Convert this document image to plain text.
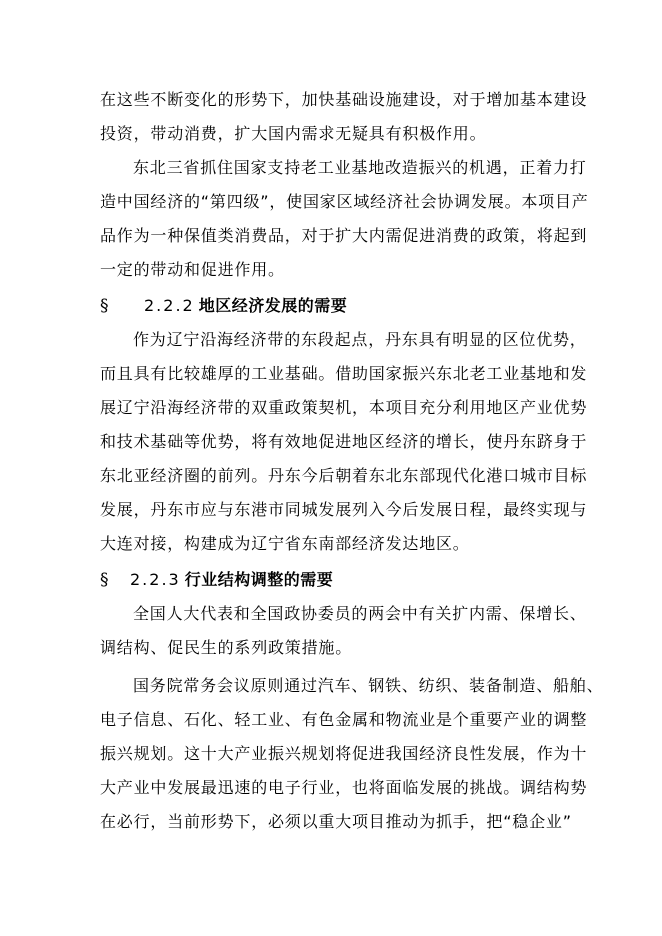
在这些不断变化的形势下，加快基础设施建设，对于增加基本建设
投资，带动消费，扩大国内需求无疑具有积极作用。
东北三省抓住国家支持老工业基地改造振兴的机遇，正着力打
造中国经济的“第四级”，使国家区域经济社会协调发展。本项目产
品作为一种保值类消费品，对于扩大内需促进消费的政策，将起到
一定的带动和促进作用。
§ 2.2.2 地区经济发展的需要
作为辽宁沿海经济带的东段起点，丹东具有明显的区位优势，
而且具有比较雄厚的工业基础。借助国家振兴东北老工业基地和发
展辽宁沿海经济带的双重政策契机，本项目充分利用地区产业优势
和技术基础等优势，将有效地促进地区经济的增长，使丹东跻身于
东北亚经济圈的前列。丹东今后朝着东北东部现代化港口城市目标
发展，丹东市应与东港市同城发展列入今后发展日程，最终实现与
大连对接，构建成为辽宁省东南部经济发达地区。
§ 2.2.3 行业结构调整的需要
全国人大代表和全国政协委员的两会中有关扩内需、保增长、
调结构、促民生的系列政策措施。
国务院常务会议原则通过汽车、钢铁、纺织、装备制造、船舶、
电子信息、石化、轻工业、有色金属和物流业是个重要产业的调整
振兴规划。这十大产业振兴规划将促进我国经济良性发展，作为十
大产业中发展最迅速的电子行业，也将面临发展的挑战。调结构势
在必行，当前形势下，必须以重大项目推动为抓手，把“稳企业”
